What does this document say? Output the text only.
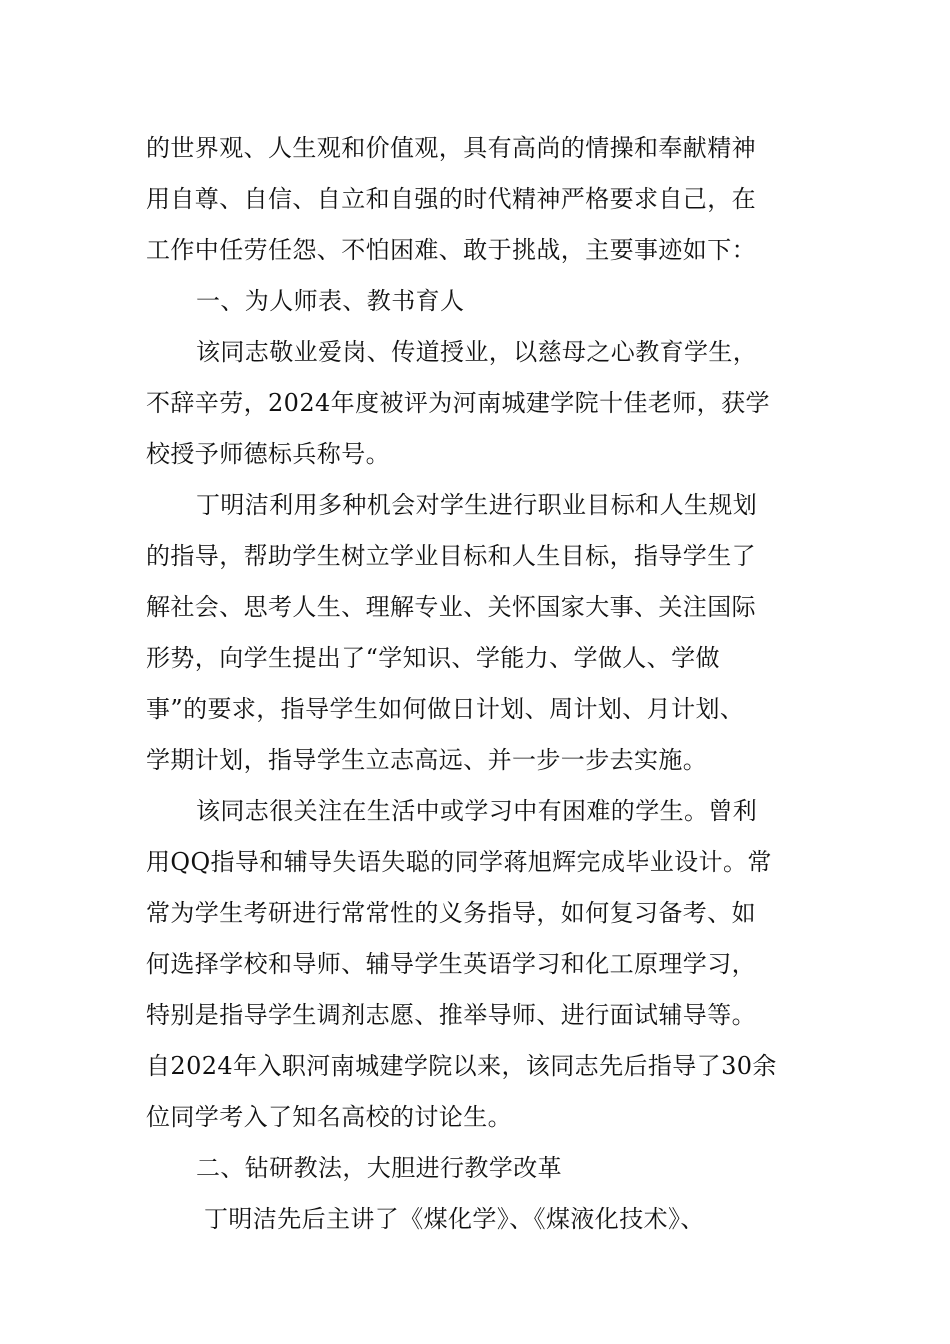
的世界观、人生观和价值观，具有高尚的情操和奉献精神
用自尊、自信、自立和自强的时代精神严格要求自己，在
工作中任劳任怨、不怕困难、敢于挑战，主要事迹如下：
一、为人师表、教书育人
该同志敬业爱岗、传道授业，以慈母之心教育学生，
不辞辛劳，2024年度被评为河南城建学院十佳老师，获学
校授予师德标兵称号。
丁明洁利用多种机会对学生进行职业目标和人生规划
的指导，帮助学生树立学业目标和人生目标，指导学生了
解社会、思考人生、理解专业、关怀国家大事、关注国际
形势，向学生提出了“学知识、学能力、学做人、学做
事”的要求，指导学生如何做日计划、周计划、月计划、
学期计划，指导学生立志高远、并一步一步去实施。
该同志很关注在生活中或学习中有困难的学生。曾利
用QQ指导和辅导失语失聪的同学蒋旭辉完成毕业设计。常
常为学生考研进行常常性的义务指导，如何复习备考、如
何选择学校和导师、辅导学生英语学习和化工原理学习，
特别是指导学生调剂志愿、推举导师、进行面试辅导等。
自2024年入职河南城建学院以来，该同志先后指导了30余
位同学考入了知名高校的讨论生。
二、钻研教法，大胆进行教学改革
丁明洁先后主讲了《煤化学》、《煤液化技术》、
